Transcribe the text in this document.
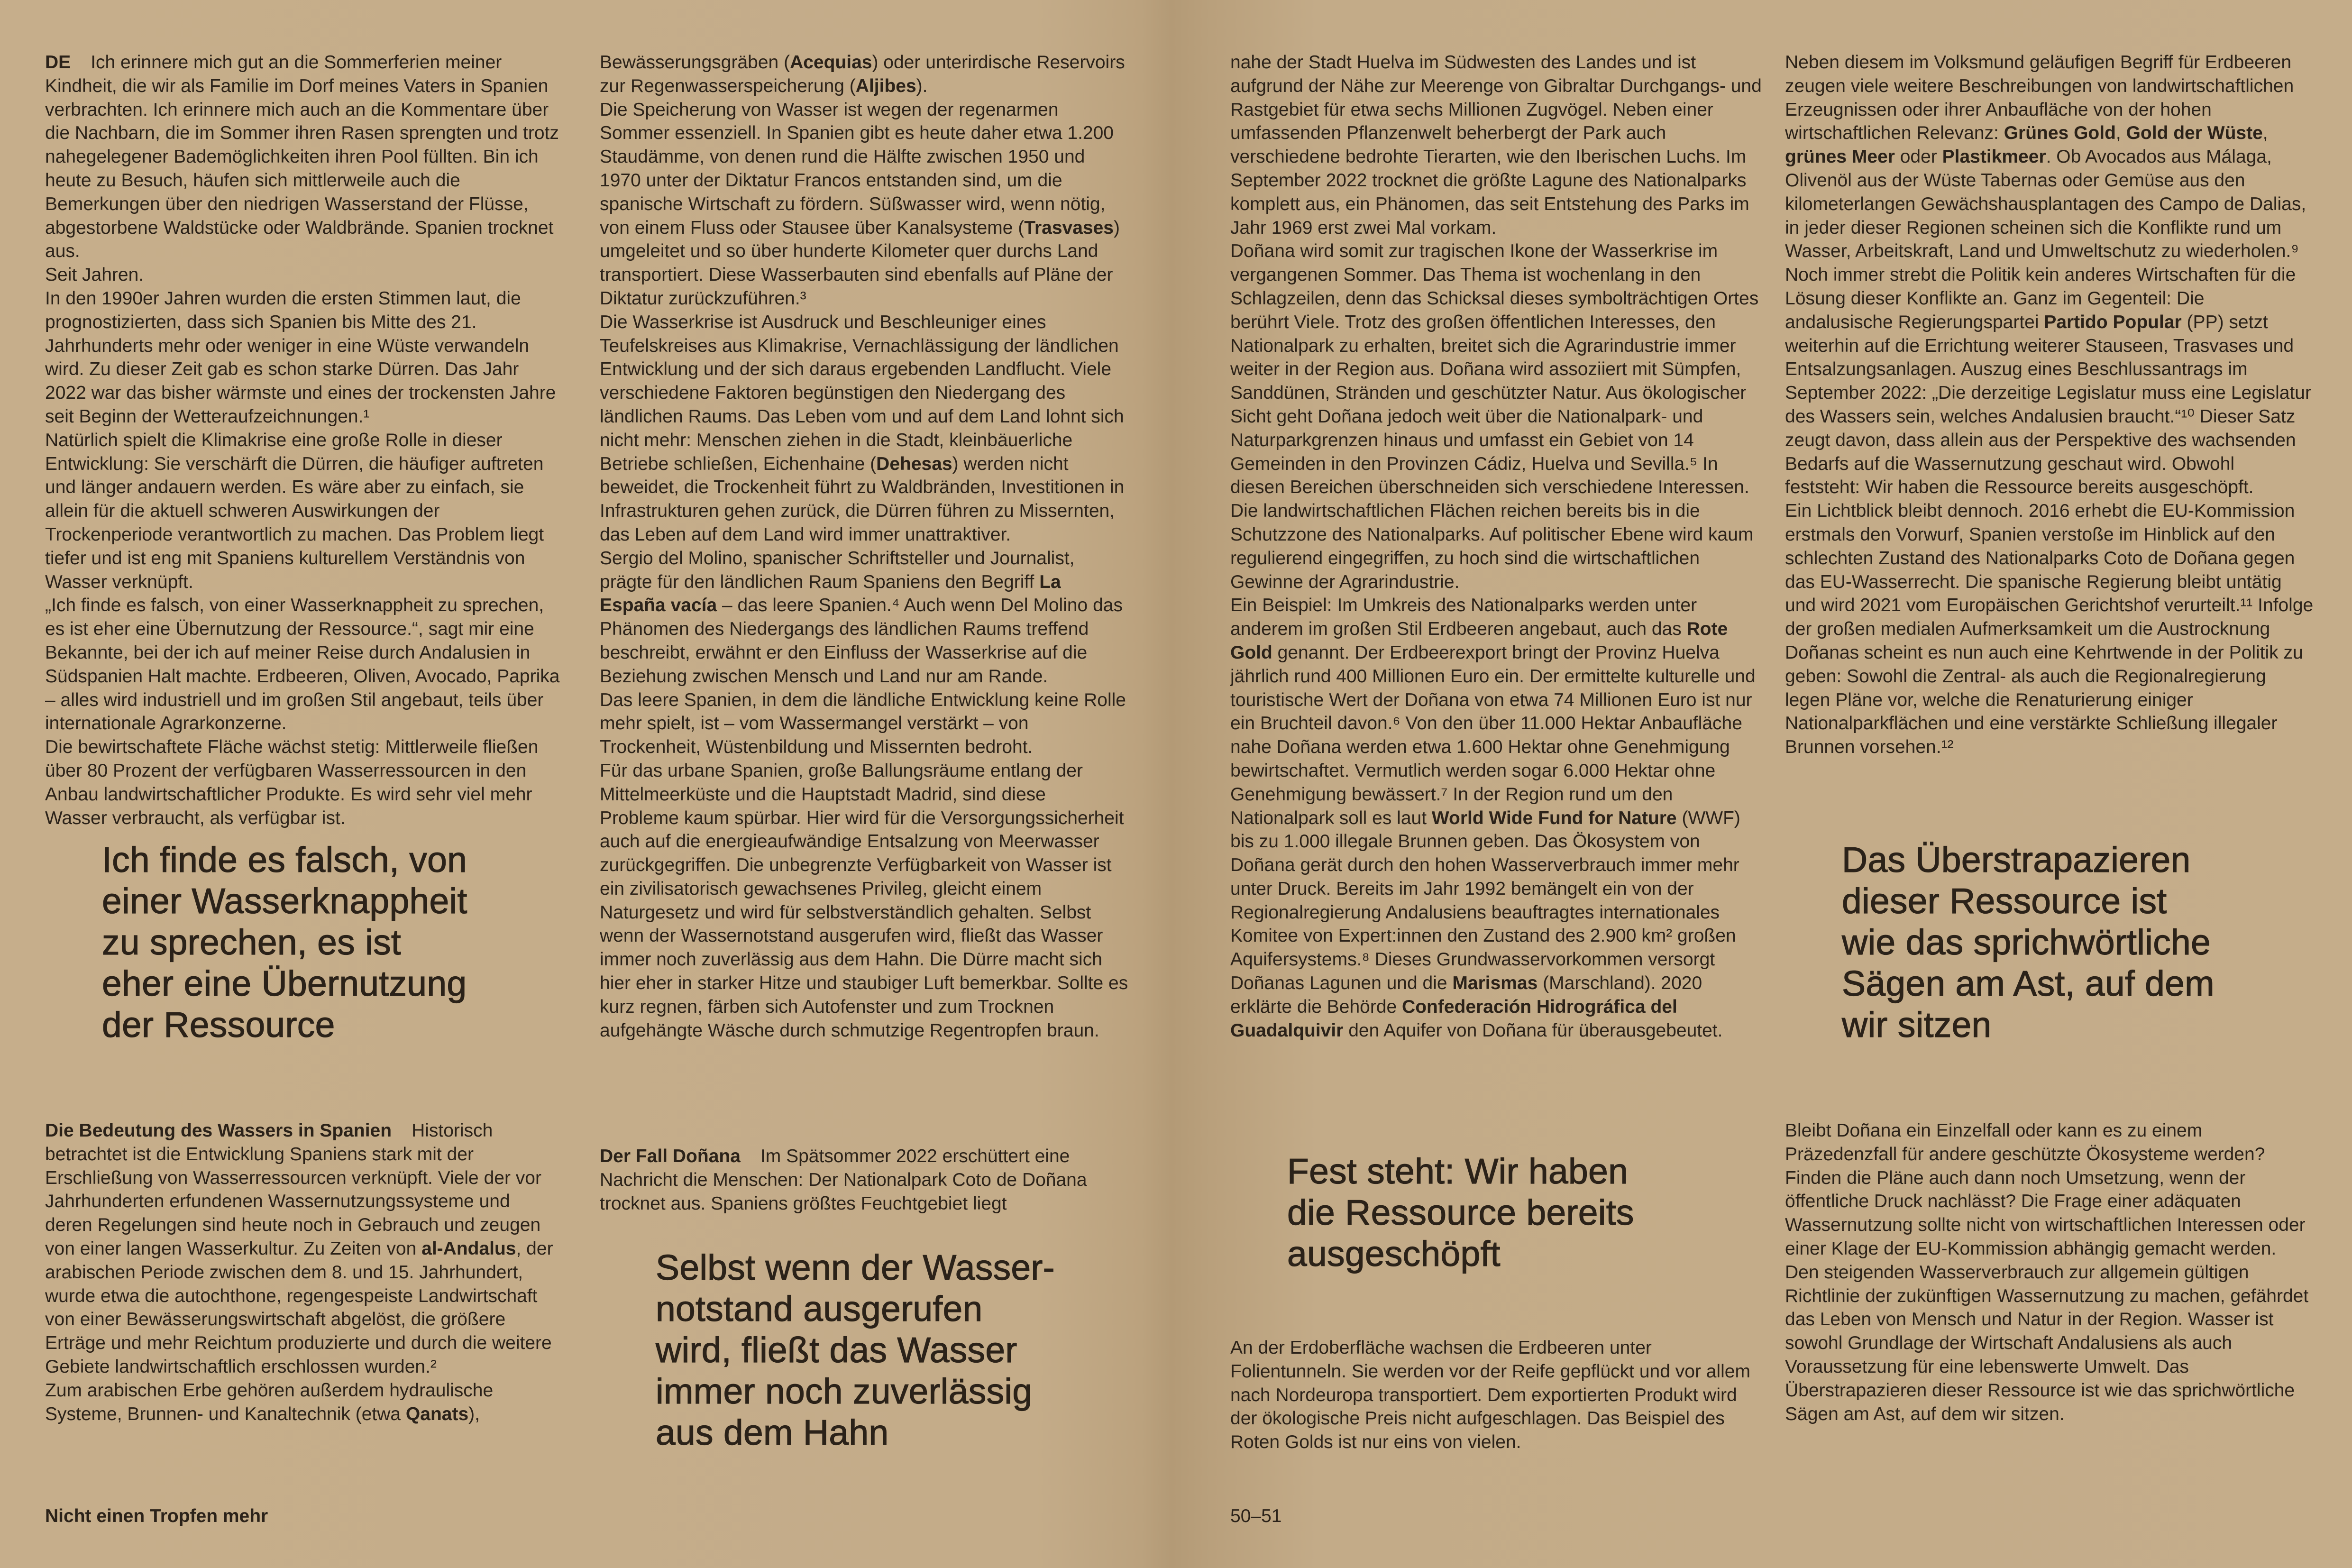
DE Ich erinnere mich gut an die Sommerferien meiner Kindheit, die wir als Familie im Dorf meines Vaters in Spanien verbrachten. Ich erinnere mich auch an die Kommentare über die Nachbarn, die im Sommer ihren Rasen sprengten und trotz nahegelegener Bademöglichkeiten ihren Pool füllten. Bin ich heute zu Besuch, häufen sich mittlerweile auch die Bemerkungen über den niedrigen Wasserstand der Flüsse, abgestorbene Waldstücke oder Waldbrände. Spanien trocknet aus.

Seit Jahren.

In den 1990er Jahren wurden die ersten Stimmen laut, die prognostizierten, dass sich Spanien bis Mitte des 21. Jahrhunderts mehr oder weniger in eine Wüste verwandeln wird. Zu dieser Zeit gab es schon starke Dürren. Das Jahr 2022 war das bisher wärmste und eines der trockensten Jahre seit Beginn der Wetteraufzeichnungen.¹

Natürlich spielt die Klimakrise eine große Rolle in dieser Entwicklung: Sie verschärft die Dürren, die häufiger auftreten und länger andauern werden. Es wäre aber zu einfach, sie allein für die aktuell schweren Auswirkungen der Trockenperiode verantwortlich zu machen. Das Problem liegt tiefer und ist eng mit Spaniens kulturellem Verständnis von Wasser verknüpft.

„Ich finde es falsch, von einer Wasserknappheit zu sprechen, es ist eher eine Übernutzung der Ressource.“, sagt mir eine Bekannte, bei der ich auf meiner Reise durch Andalusien in Südspanien Halt machte. Erdbeeren, Oliven, Avocado, Paprika – alles wird industriell und im großen Stil angebaut, teils über internationale Agrarkonzerne.

Die bewirtschaftete Fläche wächst stetig: Mittlerweile fließen über 80 Prozent der verfügbaren Wasserressourcen in den Anbau landwirtschaftlicher Produkte. Es wird sehr viel mehr Wasser verbraucht, als verfügbar ist.

Ich finde es falsch, von
einer Wasserknappheit
zu sprechen, es ist
eher eine Übernutzung
der Ressource

Die Bedeutung des Wassers in Spanien Historisch betrachtet ist die Entwicklung Spaniens stark mit der Erschließung von Wasserressourcen verknüpft. Viele der vor Jahrhunderten erfundenen Wassernutzungssysteme und deren Regelungen sind heute noch in Gebrauch und zeugen von einer langen Wasserkultur. Zu Zeiten von al-Andalus, der arabischen Periode zwischen dem 8. und 15. Jahrhundert, wurde etwa die autochthone, regengespeiste Landwirtschaft von einer Bewässerungswirtschaft abgelöst, die größere Erträge und mehr Reichtum produzierte und durch die weitere Gebiete landwirtschaftlich erschlossen wurden.²

Zum arabischen Erbe gehören außerdem hydraulische Systeme, Brunnen- und Kanaltechnik (etwa Qanats),

Bewässerungsgräben (Acequias) oder unterirdische Reservoirs zur Regenwasserspeicherung (Aljibes).

Die Speicherung von Wasser ist wegen der regenarmen Sommer essenziell. In Spanien gibt es heute daher etwa 1.200 Staudämme, von denen rund die Hälfte zwischen 1950 und 1970 unter der Diktatur Francos entstanden sind, um die spanische Wirtschaft zu fördern. Süßwasser wird, wenn nötig, von einem Fluss oder Stausee über Kanalsysteme (Trasvases) umgeleitet und so über hunderte Kilometer quer durchs Land transportiert. Diese Wasserbauten sind ebenfalls auf Pläne der Diktatur zurückzuführen.³

Die Wasserkrise ist Ausdruck und Beschleuniger eines Teufelskreises aus Klimakrise, Vernachlässigung der ländlichen Entwicklung und der sich daraus ergebenden Landflucht. Viele verschiedene Faktoren begünstigen den Niedergang des ländlichen Raums. Das Leben vom und auf dem Land lohnt sich nicht mehr: Menschen ziehen in die Stadt, kleinbäuerliche Betriebe schließen, Eichenhaine (Dehesas) werden nicht beweidet, die Trockenheit führt zu Waldbränden, Investitionen in Infrastrukturen gehen zurück, die Dürren führen zu Missernten, das Leben auf dem Land wird immer unattraktiver.

Sergio del Molino, spanischer Schriftsteller und Journalist, prägte für den ländlichen Raum Spaniens den Begriff La España vacía – das leere Spanien.⁴ Auch wenn Del Molino das Phänomen des Niedergangs des ländlichen Raums treffend beschreibt, erwähnt er den Einfluss der Wasserkrise auf die Beziehung zwischen Mensch und Land nur am Rande.

Das leere Spanien, in dem die ländliche Entwicklung keine Rolle mehr spielt, ist – vom Wassermangel verstärkt – von Trockenheit, Wüstenbildung und Missernten bedroht.

Für das urbane Spanien, große Ballungsräume entlang der Mittelmeerküste und die Hauptstadt Madrid, sind diese Probleme kaum spürbar. Hier wird für die Versorgungssicherheit auch auf die energieaufwändige Entsalzung von Meerwasser zurückgegriffen. Die unbegrenzte Verfügbarkeit von Wasser ist ein zivilisatorisch gewachsenes Privileg, gleicht einem Naturgesetz und wird für selbstverständlich gehalten. Selbst wenn der Wassernotstand ausgerufen wird, fließt das Wasser immer noch zuverlässig aus dem Hahn. Die Dürre macht sich hier eher in starker Hitze und staubiger Luft bemerkbar. Sollte es kurz regnen, färben sich Autofenster und zum Trocknen aufgehängte Wäsche durch schmutzige Regentropfen braun.

Der Fall Doñana Im Spätsommer 2022 erschüttert eine Nachricht die Menschen: Der Nationalpark Coto de Doñana trocknet aus. Spaniens größtes Feuchtgebiet liegt

Selbst wenn der Wasser-
notstand ausgerufen
wird, fließt das Wasser
immer noch zuverlässig
aus dem Hahn
Nicht einen Tropfen mehr

nahe der Stadt Huelva im Südwesten des Landes und ist aufgrund der Nähe zur Meerenge von Gibraltar Durchgangs- und Rastgebiet für etwa sechs Millionen Zugvögel. Neben einer umfassenden Pflanzenwelt beherbergt der Park auch verschiedene bedrohte Tierarten, wie den Iberischen Luchs. Im September 2022 trocknet die größte Lagune des Nationalparks komplett aus, ein Phänomen, das seit Entstehung des Parks im Jahr 1969 erst zwei Mal vorkam.

Doñana wird somit zur tragischen Ikone der Wasserkrise im vergangenen Sommer. Das Thema ist wochenlang in den Schlagzeilen, denn das Schicksal dieses symbolträchtigen Ortes berührt Viele. Trotz des großen öffentlichen Interesses, den Nationalpark zu erhalten, breitet sich die Agrarindustrie immer weiter in der Region aus. Doñana wird assoziiert mit Sümpfen, Sanddünen, Stränden und geschützter Natur. Aus ökologischer Sicht geht Doñana jedoch weit über die Nationalpark- und Naturparkgrenzen hinaus und umfasst ein Gebiet von 14 Gemeinden in den Provinzen Cádiz, Huelva und Sevilla.⁵ In diesen Bereichen überschneiden sich verschiedene Interessen. Die landwirtschaftlichen Flächen reichen bereits bis in die Schutzzone des Nationalparks. Auf politischer Ebene wird kaum regulierend eingegriffen, zu hoch sind die wirtschaftlichen Gewinne der Agrarindustrie.

Ein Beispiel: Im Umkreis des Nationalparks werden unter anderem im großen Stil Erdbeeren angebaut, auch das Rote Gold genannt. Der Erdbeerexport bringt der Provinz Huelva jährlich rund 400 Millionen Euro ein. Der ermittelte kulturelle und touristische Wert der Doñana von etwa 74 Millionen Euro ist nur ein Bruchteil davon.⁶ Von den über 11.000 Hektar Anbaufläche nahe Doñana werden etwa 1.600 Hektar ohne Genehmigung bewirtschaftet. Vermutlich werden sogar 6.000 Hektar ohne Genehmigung bewässert.⁷ In der Region rund um den Nationalpark soll es laut World Wide Fund for Nature (WWF) bis zu 1.000 illegale Brunnen geben. Das Ökosystem von Doñana gerät durch den hohen Wasserverbrauch immer mehr unter Druck. Bereits im Jahr 1992 bemängelt ein von der Regionalregierung Andalusiens beauftragtes internationales Komitee von Expert:innen den Zustand des 2.900 km² großen Aquifersystems.⁸ Dieses Grundwasservorkommen versorgt Doñanas Lagunen und die Marismas (Marschland). 2020 erklärte die Behörde Confederación Hidrográfica del Guadalquivir den Aquifer von Doñana für überausgebeutet.

Fest steht: Wir haben
die Ressource bereits
ausgeschöpft

An der Erdoberfläche wachsen die Erdbeeren unter Folientunneln. Sie werden vor der Reife gepflückt und vor allem nach Nordeuropa transportiert. Dem exportierten Produkt wird der ökologische Preis nicht aufgeschlagen. Das Beispiel des Roten Golds ist nur eins von vielen.

Neben diesem im Volksmund geläufigen Begriff für Erdbeeren zeugen viele weitere Beschreibungen von landwirtschaftlichen Erzeugnissen oder ihrer Anbaufläche von der hohen wirtschaftlichen Relevanz: Grünes Gold, Gold der Wüste, grünes Meer oder Plastikmeer. Ob Avocados aus Málaga, Olivenöl aus der Wüste Tabernas oder Gemüse aus den kilometerlangen Gewächshausplantagen des Campo de Dalias, in jeder dieser Regionen scheinen sich die Konflikte rund um Wasser, Arbeitskraft, Land und Umweltschutz zu wiederholen.⁹

Noch immer strebt die Politik kein anderes Wirtschaften für die Lösung dieser Konflikte an. Ganz im Gegenteil: Die andalusische Regierungspartei Partido Popular (PP) setzt weiterhin auf die Errichtung weiterer Stauseen, Trasvases und Entsalzungsanlagen. Auszug eines Beschlussantrags im September 2022: „Die derzeitige Legislatur muss eine Legislatur des Wassers sein, welches Andalusien braucht.“¹⁰ Dieser Satz zeugt davon, dass allein aus der Perspektive des wachsenden Bedarfs auf die Wassernutzung geschaut wird. Obwohl feststeht: Wir haben die Ressource bereits ausgeschöpft.

Ein Lichtblick bleibt dennoch. 2016 erhebt die EU-Kommission erstmals den Vorwurf, Spanien verstoße im Hinblick auf den schlechten Zustand des Nationalparks Coto de Doñana gegen das EU-Wasserrecht. Die spanische Regierung bleibt untätig und wird 2021 vom Europäischen Gerichtshof verurteilt.¹¹ Infolge der großen medialen Aufmerksamkeit um die Austrocknung Doñanas scheint es nun auch eine Kehrtwende in der Politik zu geben: Sowohl die Zentral- als auch die Regionalregierung legen Pläne vor, welche die Renaturierung einiger Nationalparkflächen und eine verstärkte Schließung illegaler Brunnen vorsehen.¹²

Das Überstrapazieren
dieser Ressource ist
wie das sprichwörtliche
Sägen am Ast, auf dem
wir sitzen

Bleibt Doñana ein Einzelfall oder kann es zu einem Präzedenzfall für andere geschützte Ökosysteme werden? Finden die Pläne auch dann noch Umsetzung, wenn der öffentliche Druck nachlässt? Die Frage einer adäquaten Wassernutzung sollte nicht von wirtschaftlichen Interessen oder einer Klage der EU-Kommission abhängig gemacht werden. Den steigenden Wasserverbrauch zur allgemein gültigen Richtlinie der zukünftigen Wassernutzung zu machen, gefährdet das Leben von Mensch und Natur in der Region. Wasser ist sowohl Grundlage der Wirtschaft Andalusiens als auch Voraussetzung für eine lebenswerte Umwelt. Das Überstrapazieren dieser Ressource ist wie das sprichwörtliche Sägen am Ast, auf dem wir sitzen.

50–51
